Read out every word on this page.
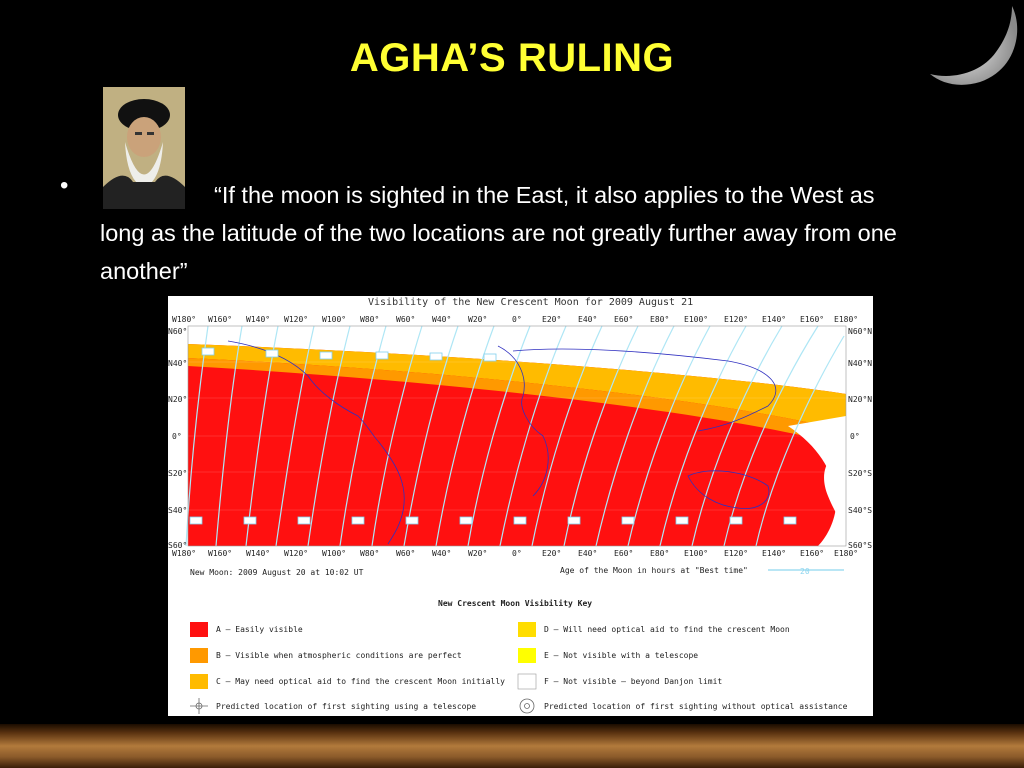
AGHA’S RULING
•	“If the moon is sighted in the East, it also applies to the West as long as the latitude of the two locations are not greatly further away from one another”
Visibility of the New Crescent Moon for 2009 August 21
W180° W160° W140° W120° W100° W80° W60° W40° W20°	0°	E20° E40° E60° E80° E100° E120° E140° E160° E180°
W180° W160° W140° W120° W100° W80° W60° W40° W20°	0°	E20° E40° E60° E80° E100° E120° E140° E160° E180°
N60°
N40°
N20°
0°
S20°
S40°
S60°
N60°N
N40°N
N20°N
0°
S20°S
S40°S
S60°S
New Moon: 2009 August 20 at 10:02 UT	Age of the Moon in hours at "Best time"	20
New Crescent Moon Visibility Key
A – Easily visible
B – Visible when atmospheric conditions are perfect
C – May need optical aid to find the crescent Moon initially
D – Will need optical aid to find the crescent Moon
E – Not visible with a telescope
F – Not visible – beyond Danjon limit
Predicted location of first sighting using a telescope	Predicted location of first sighting without optical assistance
